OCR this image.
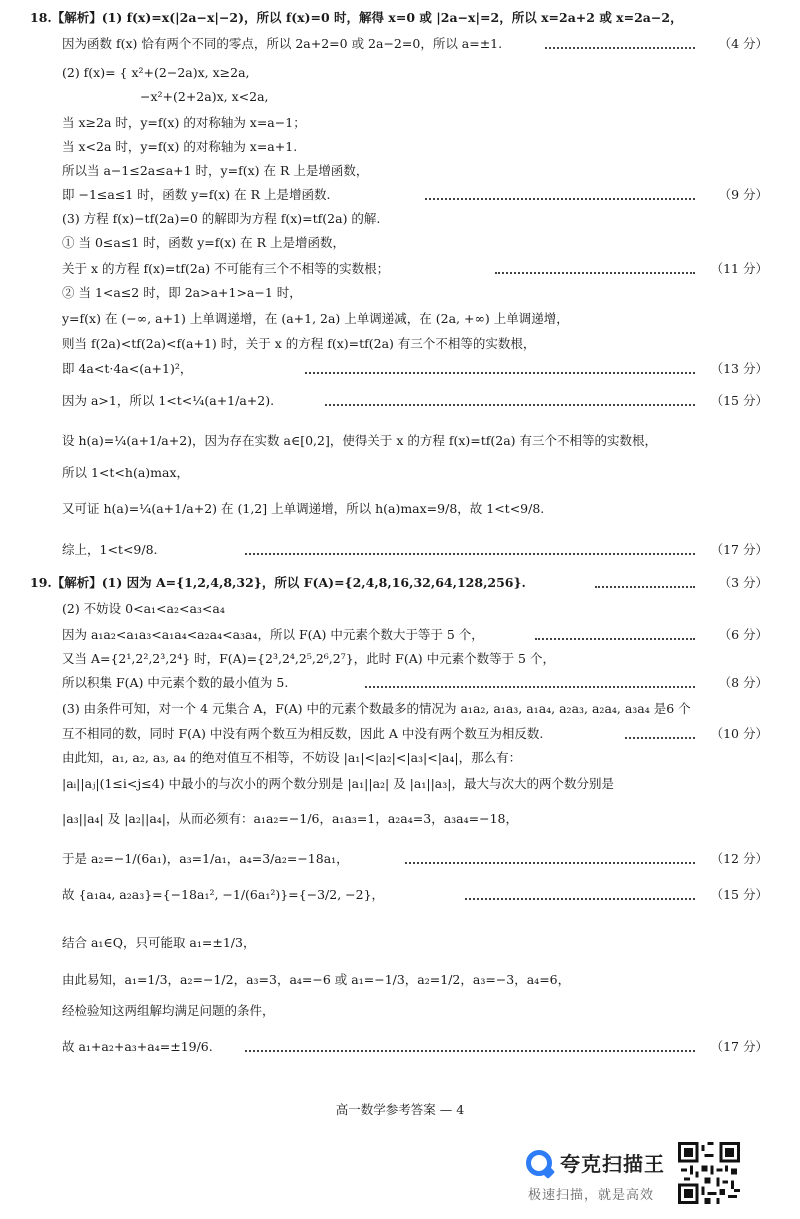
18.【解析】(1) f(x)=x(|2a−x|−2)，所以 f(x)=0 时，解得 x=0 或 |2a−x|=2，所以 x=2a+2 或 x=2a−2，
因为函数 f(x) 恰有两个不同的零点，所以 2a+2=0 或 2a−2=0，所以 a=±1.	（4 分）
(2) f(x)= { x²+(2−2a)x, x≥2a,
−x²+(2+2a)x, x<2a,
当 x≥2a 时，y=f(x) 的对称轴为 x=a−1；
当 x<2a 时，y=f(x) 的对称轴为 x=a+1.
所以当 a−1≤2a≤a+1 时，y=f(x) 在 R 上是增函数，
即 −1≤a≤1 时，函数 y=f(x) 在 R 上是增函数.	（9 分）
(3) 方程 f(x)−tf(2a)=0 的解即为方程 f(x)=tf(2a) 的解.
① 当 0≤a≤1 时，函数 y=f(x) 在 R 上是增函数，
关于 x 的方程 f(x)=tf(2a) 不可能有三个不相等的实数根；	（11 分）
② 当 1<a≤2 时，即 2a>a+1>a−1 时，
y=f(x) 在 (−∞, a+1) 上单调递增，在 (a+1, 2a) 上单调递减，在 (2a, +∞) 上单调递增，
则当 f(2a)<tf(2a)<f(a+1) 时，关于 x 的方程 f(x)=tf(2a) 有三个不相等的实数根，
即 4a<t·4a<(a+1)²，	（13 分）
因为 a>1，所以 1<t<¼(a+1/a+2).	（15 分）
设 h(a)=¼(a+1/a+2)，因为存在实数 a∈[0,2]，使得关于 x 的方程 f(x)=tf(2a) 有三个不相等的实数根，
所以 1<t<h(a)max，
又可证 h(a)=¼(a+1/a+2) 在 (1,2] 上单调递增，所以 h(a)max=9/8，故 1<t<9/8.
综上，1<t<9/8.	（17 分）
19.【解析】(1) 因为 A={1,2,4,8,32}，所以 F(A)={2,4,8,16,32,64,128,256}.	（3 分）
(2) 不妨设 0<a₁<a₂<a₃<a₄
因为 a₁a₂<a₁a₃<a₁a₄<a₂a₄<a₃a₄，所以 F(A) 中元素个数大于等于 5 个，	（6 分）
又当 A={2¹,2²,2³,2⁴} 时，F(A)={2³,2⁴,2⁵,2⁶,2⁷}，此时 F(A) 中元素个数等于 5 个，
所以积集 F(A) 中元素个数的最小值为 5.	（8 分）
(3) 由条件可知，对一个 4 元集合 A，F(A) 中的元素个数最多的情况为 a₁a₂, a₁a₃, a₁a₄, a₂a₃, a₂a₄, a₃a₄ 是6 个
互不相同的数，同时 F(A) 中没有两个数互为相反数，因此 A 中没有两个数互为相反数.	（10 分）
由此知，a₁, a₂, a₃, a₄ 的绝对值互不相等，不妨设 |a₁|<|a₂|<|a₃|<|a₄|，那么有：
|aᵢ||aⱼ|(1≤i<j≤4) 中最小的与次小的两个数分别是 |a₁||a₂| 及 |a₁||a₃|，最大与次大的两个数分别是
|a₃||a₄| 及 |a₂||a₄|，从而必须有：a₁a₂=−1/6，a₁a₃=1，a₂a₄=3，a₃a₄=−18，
于是 a₂=−1/(6a₁)，a₃=1/a₁，a₄=3/a₂=−18a₁，	（12 分）
故 {a₁a₄, a₂a₃}={−18a₁², −1/(6a₁²)}={−3/2, −2}，	（15 分）
结合 a₁∈Q，只可能取 a₁=±1/3，
由此易知，a₁=1/3，a₂=−1/2，a₃=3，a₄=−6 或 a₁=−1/3，a₂=1/2，a₃=−3，a₄=6，
经检验知这两组解均满足问题的条件，
故 a₁+a₂+a₃+a₄=±19/6.	（17 分）
高一数学参考答案 — 4
夸克扫描王
极速扫描，就是高效
